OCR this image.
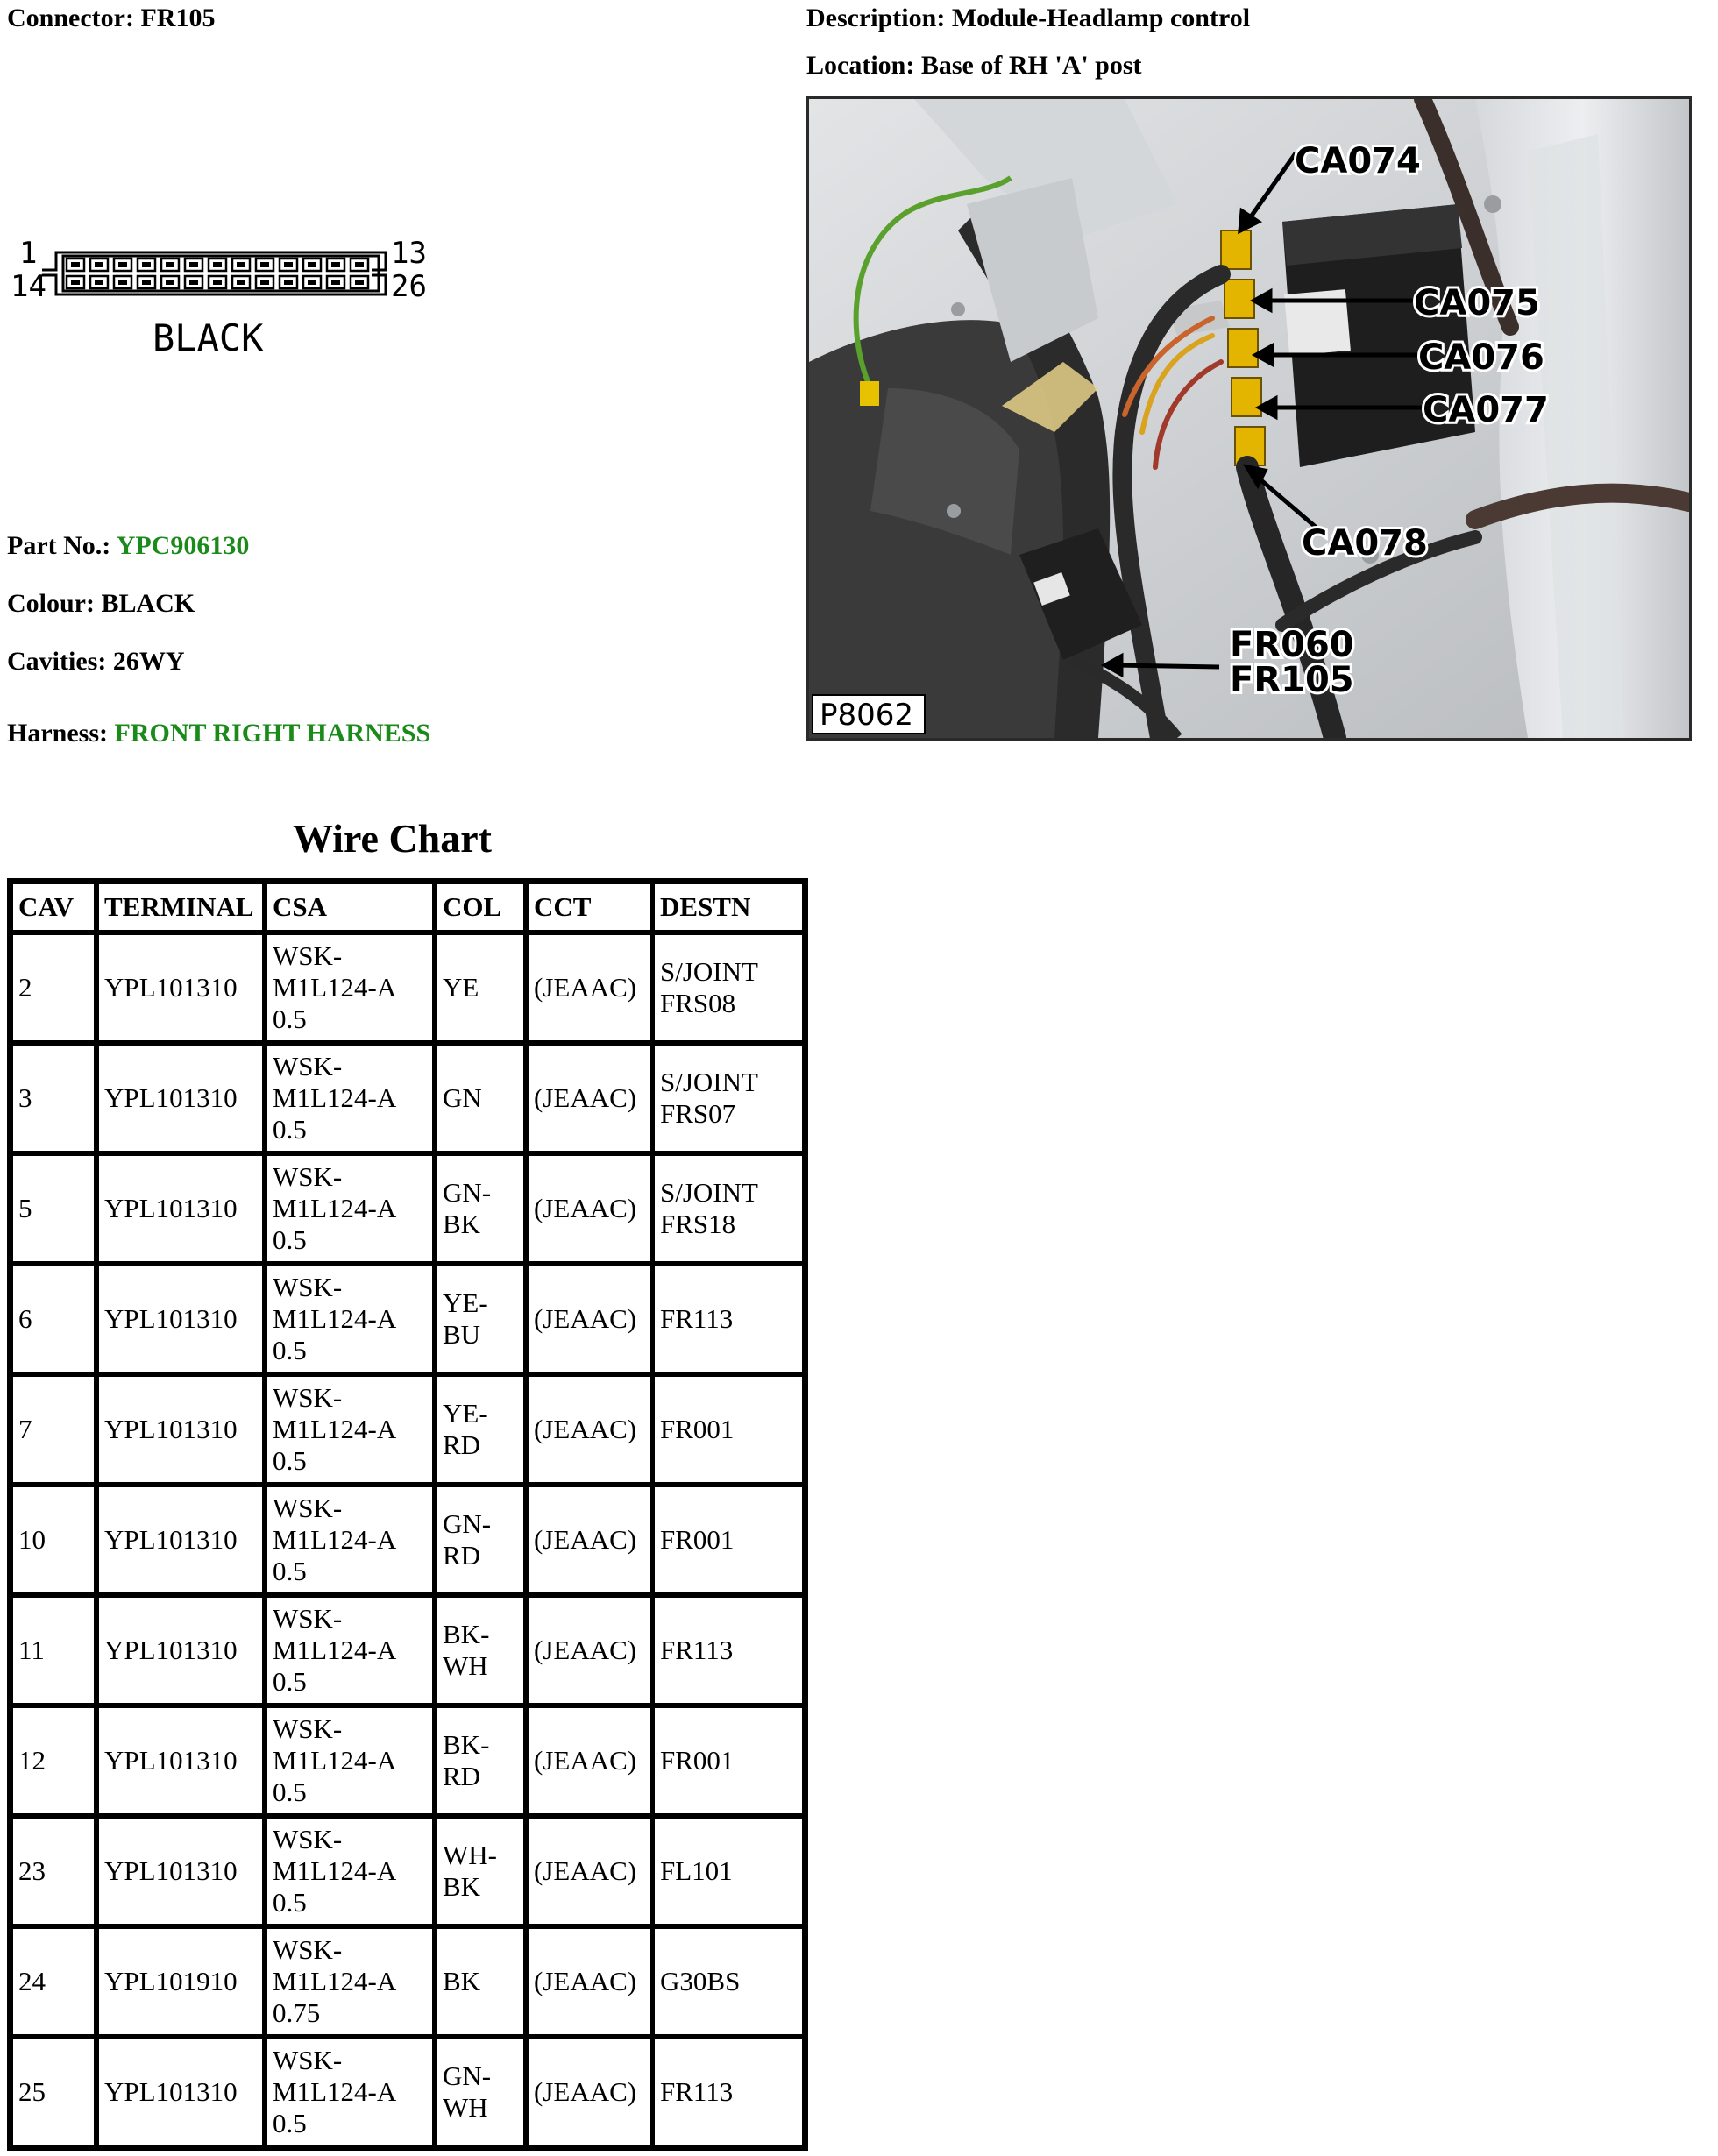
Connector: FR105	Description: Module-Headlamp control
Location: Base of RH 'A' post
1
14
13
26
BLACK
Part No.: YPC906130
Colour: BLACK
Cavities: 26WY
Harness: FRONT RIGHT HARNESS
CA074
CA075
CA076
CA077
CA078
FR060
FR105
P8062
Wire Chart
CAV	TERMINAL	CSA	COL	CCT	DESTN
2	YPL101310	WSK-
M1L124-A
0.5	YE	(JEAAC)	S/JOINT
FRS08
3	YPL101310	WSK-
M1L124-A
0.5	GN	(JEAAC)	S/JOINT
FRS07
5	YPL101310	WSK-
M1L124-A
0.5	GN-
BK	(JEAAC)	S/JOINT
FRS18
6	YPL101310	WSK-
M1L124-A
0.5	YE-
BU	(JEAAC)	FR113
7	YPL101310	WSK-
M1L124-A
0.5	YE-
RD	(JEAAC)	FR001
10	YPL101310	WSK-
M1L124-A
0.5	GN-
RD	(JEAAC)	FR001
11	YPL101310	WSK-
M1L124-A
0.5	BK-
WH	(JEAAC)	FR113
12	YPL101310	WSK-
M1L124-A
0.5	BK-
RD	(JEAAC)	FR001
23	YPL101310	WSK-
M1L124-A
0.5	WH-
BK	(JEAAC)	FL101
24	YPL101910	WSK-
M1L124-A
0.75	BK	(JEAAC)	G30BS
25	YPL101310	WSK-
M1L124-A
0.5	GN-
WH	(JEAAC)	FR113
